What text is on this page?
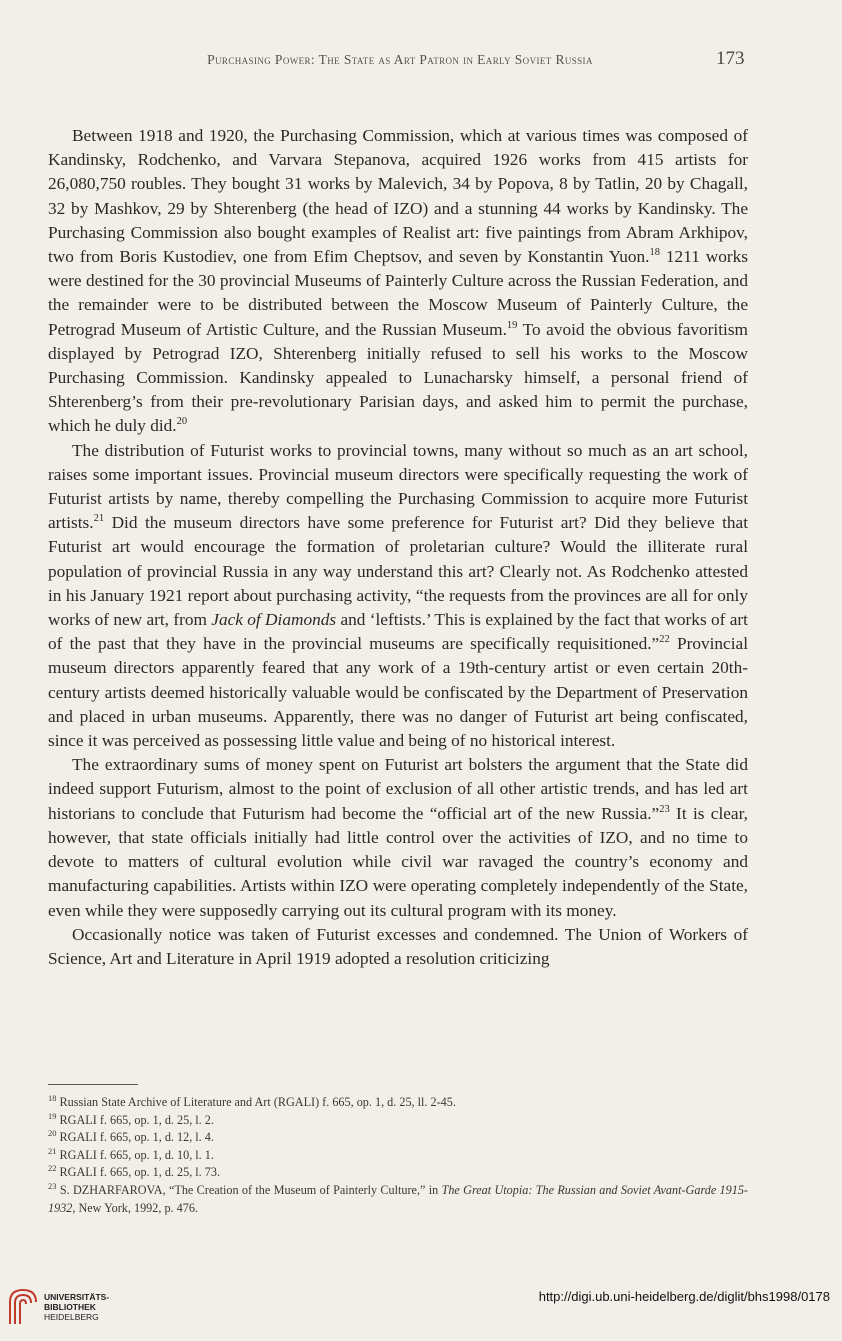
Purchasing Power: The State as Art Patron in Early Soviet Russia	173

Between 1918 and 1920, the Purchasing Commission, which at various times was composed of Kandinsky, Rodchenko, and Varvara Stepanova, acquired 1926 works from 415 artists for 26,080,750 roubles. They bought 31 works by Malevich, 34 by Popova, 8 by Tatlin, 20 by Chagall, 32 by Mashkov, 29 by Shterenberg (the head of IZO) and a stunning 44 works by Kandinsky. The Purchasing Commission also bought examples of Realist art: five paintings from Abram Arkhipov, two from Boris Kustodiev, one from Efim Cheptsov, and seven by Konstantin Yuon.$^{18}$ 1211 works were destined for the 30 provincial Museums of Painterly Culture across the Russian Federation, and the remainder were to be distributed between the Moscow Museum of Painterly Culture, the Petrograd Museum of Artistic Culture, and the Russian Museum.$^{19}$ To avoid the obvious favoritism displayed by Petrograd IZO, Shterenberg initially refused to sell his works to the Moscow Purchasing Commission. Kandinsky appealed to Lunacharsky himself, a personal friend of Shterenberg’s from their pre-revolutionary Parisian days, and asked him to permit the purchase, which he duly did.$^{20}$

The distribution of Futurist works to provincial towns, many without so much as an art school, raises some important issues. Provincial museum directors were specifically requesting the work of Futurist artists by name, thereby compelling the Purchasing Commission to acquire more Futurist artists.$^{21}$ Did the museum directors have some preference for Futurist art? Did they believe that Futurist art would encourage the formation of proletarian culture? Would the illiterate rural population of provincial Russia in any way understand this art? Clearly not. As Rodchenko attested in his January 1921 report about purchasing activity, “the requests from the provinces are all for only works of new art, from Jack of Diamonds and ‘leftists.’ This is explained by the fact that works of art of the past that they have in the provincial museums are specifically requisitioned.”$^{22}$ Provincial museum directors apparently feared that any work of a 19th-century artist or even certain 20th-century artists deemed historically valuable would be confiscated by the Department of Preservation and placed in urban museums. Apparently, there was no danger of Futurist art being confiscated, since it was perceived as possessing little value and being of no historical interest.

The extraordinary sums of money spent on Futurist art bolsters the argument that the State did indeed support Futurism, almost to the point of exclusion of all other artistic trends, and has led art historians to conclude that Futurism had become the “official art of the new Russia.”$^{23}$ It is clear, however, that state officials initially had little control over the activities of IZO, and no time to devote to matters of cultural evolution while civil war ravaged the country’s economy and manufacturing capabilities. Artists within IZO were operating completely independently of the State, even while they were supposedly carrying out its cultural program with its money.

Occasionally notice was taken of Futurist excesses and condemned. The Union of Workers of Science, Art and Literature in April 1919 adopted a resolution criticizing

$^{18}$ Russian State Archive of Literature and Art (RGALI) f. 665, op. 1, d. 25, ll. 2-45.

$^{19}$ RGALI f. 665, op. 1, d. 25, l. 2.

$^{20}$ RGALI f. 665, op. 1, d. 12, l. 4.

$^{21}$ RGALI f. 665, op. 1, d. 10, l. 1.

$^{22}$ RGALI f. 665, op. 1, d. 25, l. 73.

$^{23}$ S. DZHARFAROVA, “The Creation of the Museum of Painterly Culture,” in The Great Utopia: The Russian and Soviet Avant-Garde 1915-1932, New York, 1992, p. 476.

UNIVERSITÄTS-
BIBLIOTHEK
HEIDELBERG
http://digi.ub.uni-heidelberg.de/diglit/bhs1998/0178
